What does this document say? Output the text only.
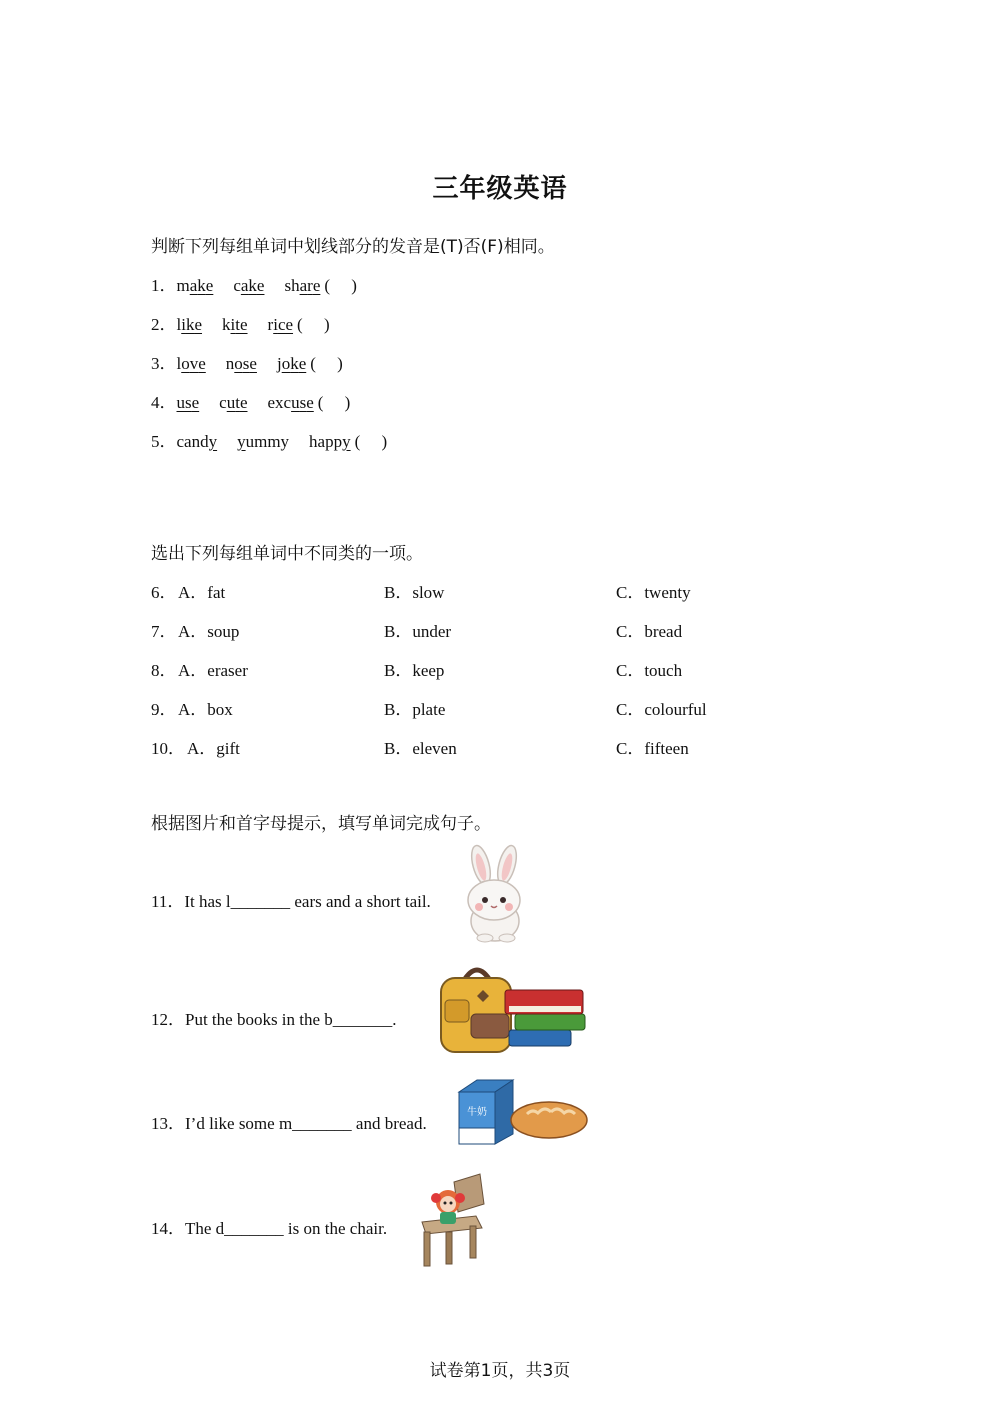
三年级英语
判断下列每组单词中划线部分的发音是(T)否(F)相同。
1．make cake share (　 )
2．like kite rice (　 )
3．love nose joke (　 )
4．use cute excuse (　 )
5．candy yummy happy (　 )
选出下列每组单词中不同类的一项。
6． A．fat	B．slow	C．twenty
7． A．soup	B．under	C．bread
8． A．eraser	B．keep	C．touch
9． A．box	B．plate	C．colourful
10． A．gift	B．eleven	C．fifteen
根据图片和首字母提示，填写单词完成句子。
11．It has l_______ ears and a short tail.
12．Put the books in the b_______.
13．I’d like some m_______ and bread.
14．The d_______ is on the chair.
牛奶
试卷第1页，共3页
